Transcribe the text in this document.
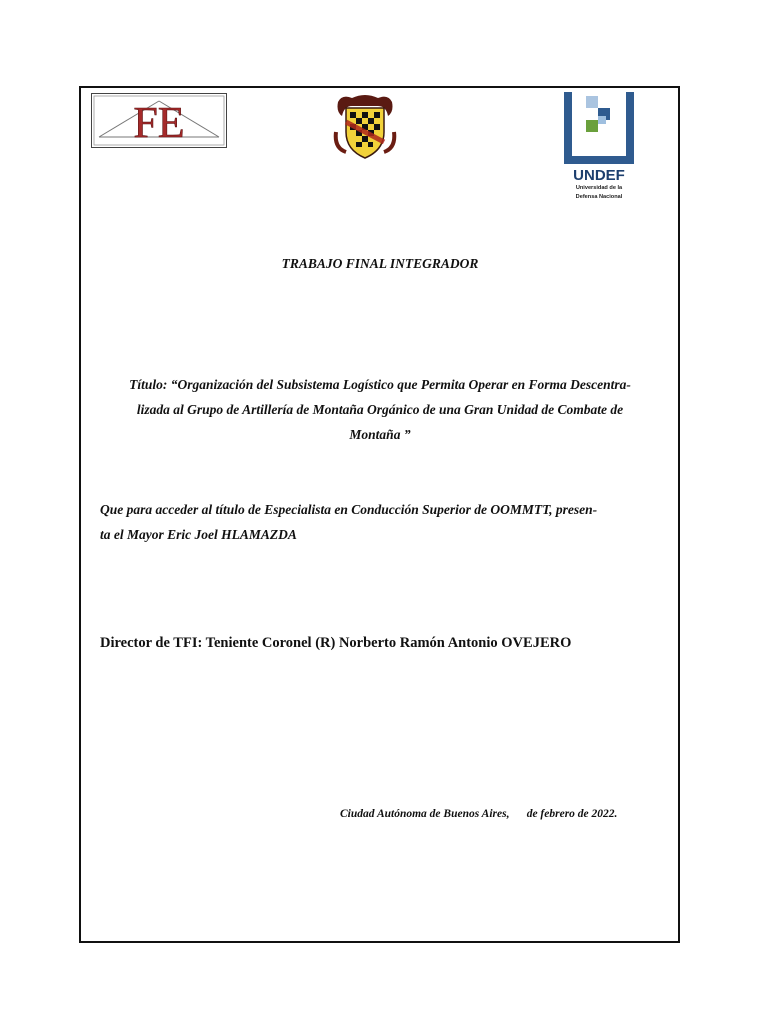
FE
UNDEF
Universidad de la
Defensa Nacional
TRABAJO FINAL INTEGRADOR
Título: “Organización del Subsistema Logístico que Permita Operar en Forma Descentra-
lizada al Grupo de Artillería de Montaña Orgánico de una Gran Unidad de Combate de
Montaña ”
Que para acceder al título de Especialista en Conducción Superior de OOMMTT, presen-
ta el Mayor Eric Joel HLAMAZDA
Director de TFI: Teniente Coronel (R) Norberto Ramón Antonio OVEJERO
Ciudad Autónoma de Buenos Aires,      de febrero de 2022.
